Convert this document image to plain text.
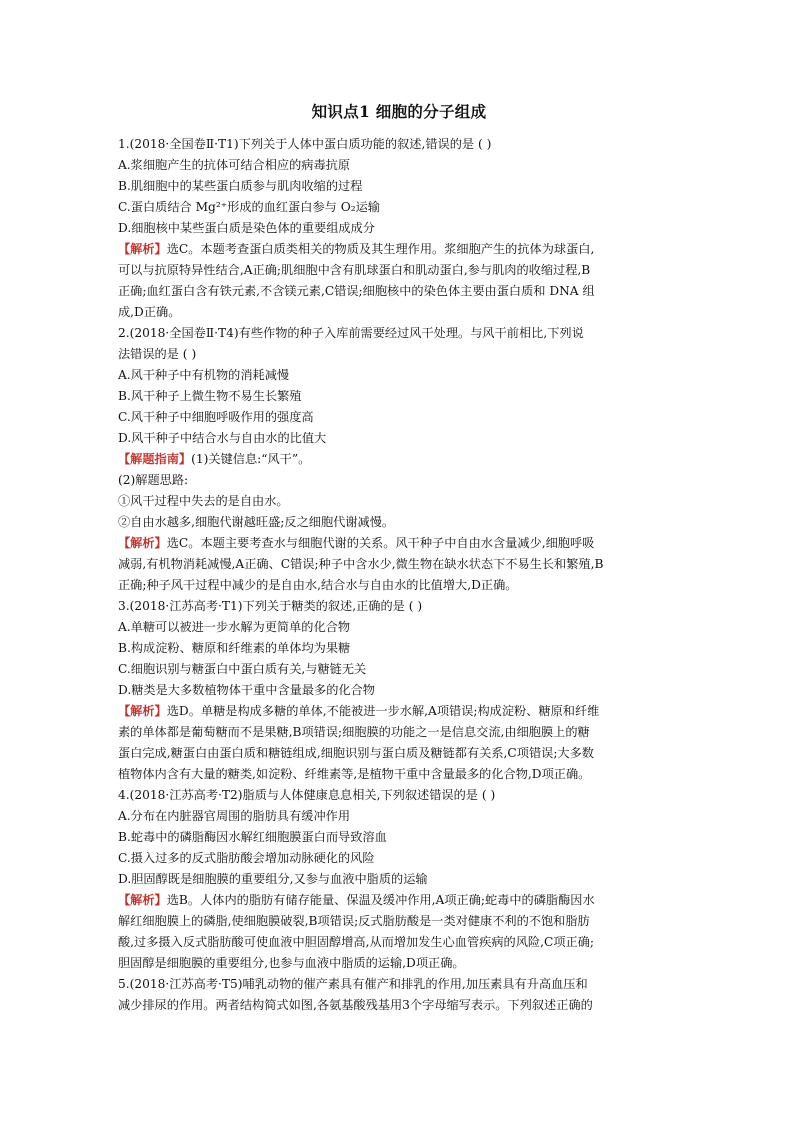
知识点1 细胞的分子组成
1.(2018·全国卷Ⅱ·T1)下列关于人体中蛋白质功能的叙述,错误的是 ( )
A.浆细胞产生的抗体可结合相应的病毒抗原
B.肌细胞中的某些蛋白质参与肌肉收缩的过程
C.蛋白质结合 Mg²⁺形成的血红蛋白参与 O₂运输
D.细胞核中某些蛋白质是染色体的重要组成成分
【解析】选C。本题考查蛋白质类相关的物质及其生理作用。浆细胞产生的抗体为球蛋白,
可以与抗原特异性结合,A正确;肌细胞中含有肌球蛋白和肌动蛋白,参与肌肉的收缩过程,B
正确;血红蛋白含有铁元素,不含镁元素,C错误;细胞核中的染色体主要由蛋白质和 DNA 组
成,D正确。
2.(2018·全国卷Ⅱ·T4)有些作物的种子入库前需要经过风干处理。与风干前相比,下列说
法错误的是 ( )
A.风干种子中有机物的消耗减慢
B.风干种子上微生物不易生长繁殖
C.风干种子中细胞呼吸作用的强度高
D.风干种子中结合水与自由水的比值大
【解题指南】(1)关键信息:“风干”。
(2)解题思路:
①风干过程中失去的是自由水。
②自由水越多,细胞代谢越旺盛;反之细胞代谢减慢。
【解析】选C。本题主要考查水与细胞代谢的关系。风干种子中自由水含量减少,细胞呼吸
减弱,有机物消耗减慢,A正确、C错误;种子中含水少,微生物在缺水状态下不易生长和繁殖,B
正确;种子风干过程中减少的是自由水,结合水与自由水的比值增大,D正确。
3.(2018·江苏高考·T1)下列关于糖类的叙述,正确的是 ( )
A.单糖可以被进一步水解为更简单的化合物
B.构成淀粉、糖原和纤维素的单体均为果糖
C.细胞识别与糖蛋白中蛋白质有关,与糖链无关
D.糖类是大多数植物体干重中含量最多的化合物
【解析】选D。单糖是构成多糖的单体,不能被进一步水解,A项错误;构成淀粉、糖原和纤维
素的单体都是葡萄糖而不是果糖,B项错误;细胞膜的功能之一是信息交流,由细胞膜上的糖
蛋白完成,糖蛋白由蛋白质和糖链组成,细胞识别与蛋白质及糖链都有关系,C项错误;大多数
植物体内含有大量的糖类,如淀粉、纤维素等,是植物干重中含量最多的化合物,D项正确。
4.(2018·江苏高考·T2)脂质与人体健康息息相关,下列叙述错误的是 ( )
A.分布在内脏器官周围的脂肪具有缓冲作用
B.蛇毒中的磷脂酶因水解红细胞膜蛋白而导致溶血
C.摄入过多的反式脂肪酸会增加动脉硬化的风险
D.胆固醇既是细胞膜的重要组分,又参与血液中脂质的运输
【解析】选B。人体内的脂肪有储存能量、保温及缓冲作用,A项正确;蛇毒中的磷脂酶因水
解红细胞膜上的磷脂,使细胞膜破裂,B项错误;反式脂肪酸是一类对健康不利的不饱和脂肪
酸,过多摄入反式脂肪酸可使血液中胆固醇增高,从而增加发生心血管疾病的风险,C项正确;
胆固醇是细胞膜的重要组分,也参与血液中脂质的运输,D项正确。
5.(2018·江苏高考·T5)哺乳动物的催产素具有催产和排乳的作用,加压素具有升高血压和
减少排尿的作用。两者结构简式如图,各氨基酸残基用3个字母缩写表示。下列叙述正确的
